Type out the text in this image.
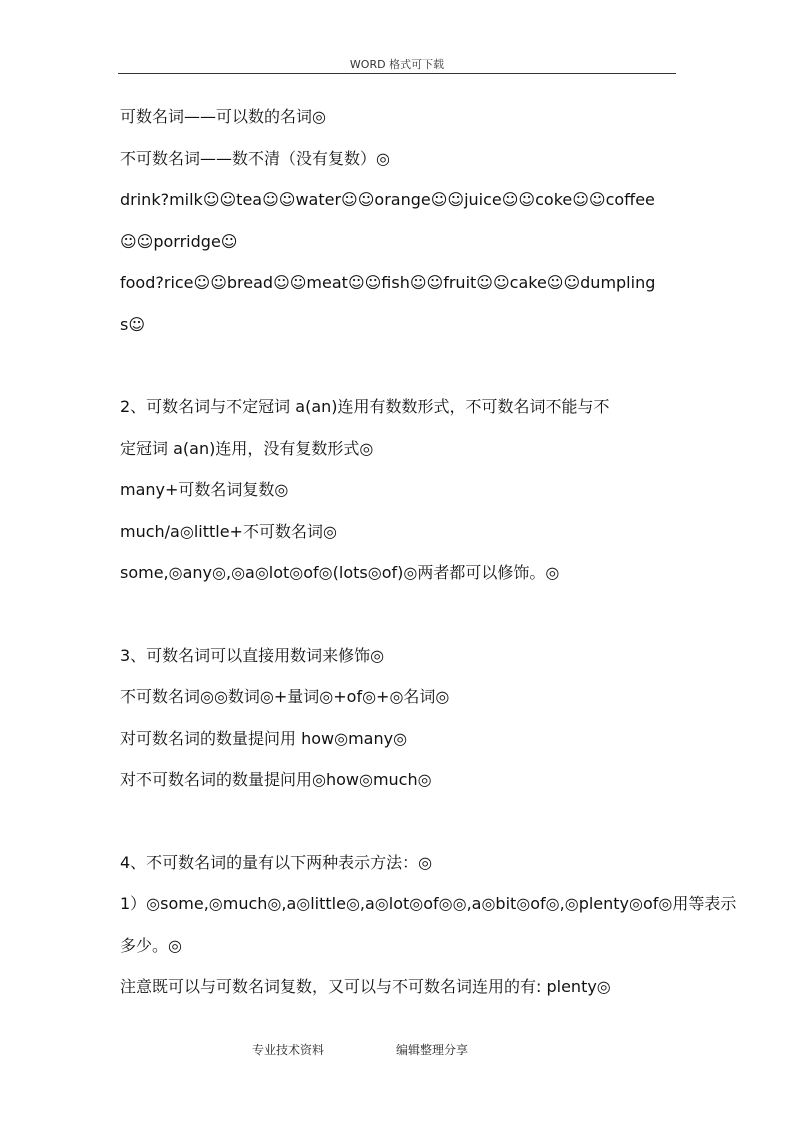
WORD 格式可下载

可数名词——可以数的名词◎

不可数名词——数不清（没有复数）◎

drink?milk☺☺tea☺☺water☺☺orange☺☺juice☺☺coke☺☺coffee

☺☺porridge☺

food?rice☺☺bread☺☺meat☺☺fish☺☺fruit☺☺cake☺☺dumpling

s☺

2、可数名词与不定冠词 a(an)连用有数数形式，不可数名词不能与不

定冠词 a(an)连用，没有复数形式◎

many+可数名词复数◎

much/a◎little+不可数名词◎

some,◎any◎,◎a◎lot◎of◎(lots◎of)◎两者都可以修饰。◎

3、可数名词可以直接用数词来修饰◎

不可数名词◎◎数词◎+量词◎+of◎+◎名词◎

对可数名词的数量提问用 how◎many◎

对不可数名词的数量提问用◎how◎much◎

4、不可数名词的量有以下两种表示方法：◎

1）◎some,◎much◎,a◎little◎,a◎lot◎of◎◎,a◎bit◎of◎,◎plenty◎of◎用等表示

多少。◎

注意既可以与可数名词复数，又可以与不可数名词连用的有: plenty◎

专业技术资料	编辑整理分享
